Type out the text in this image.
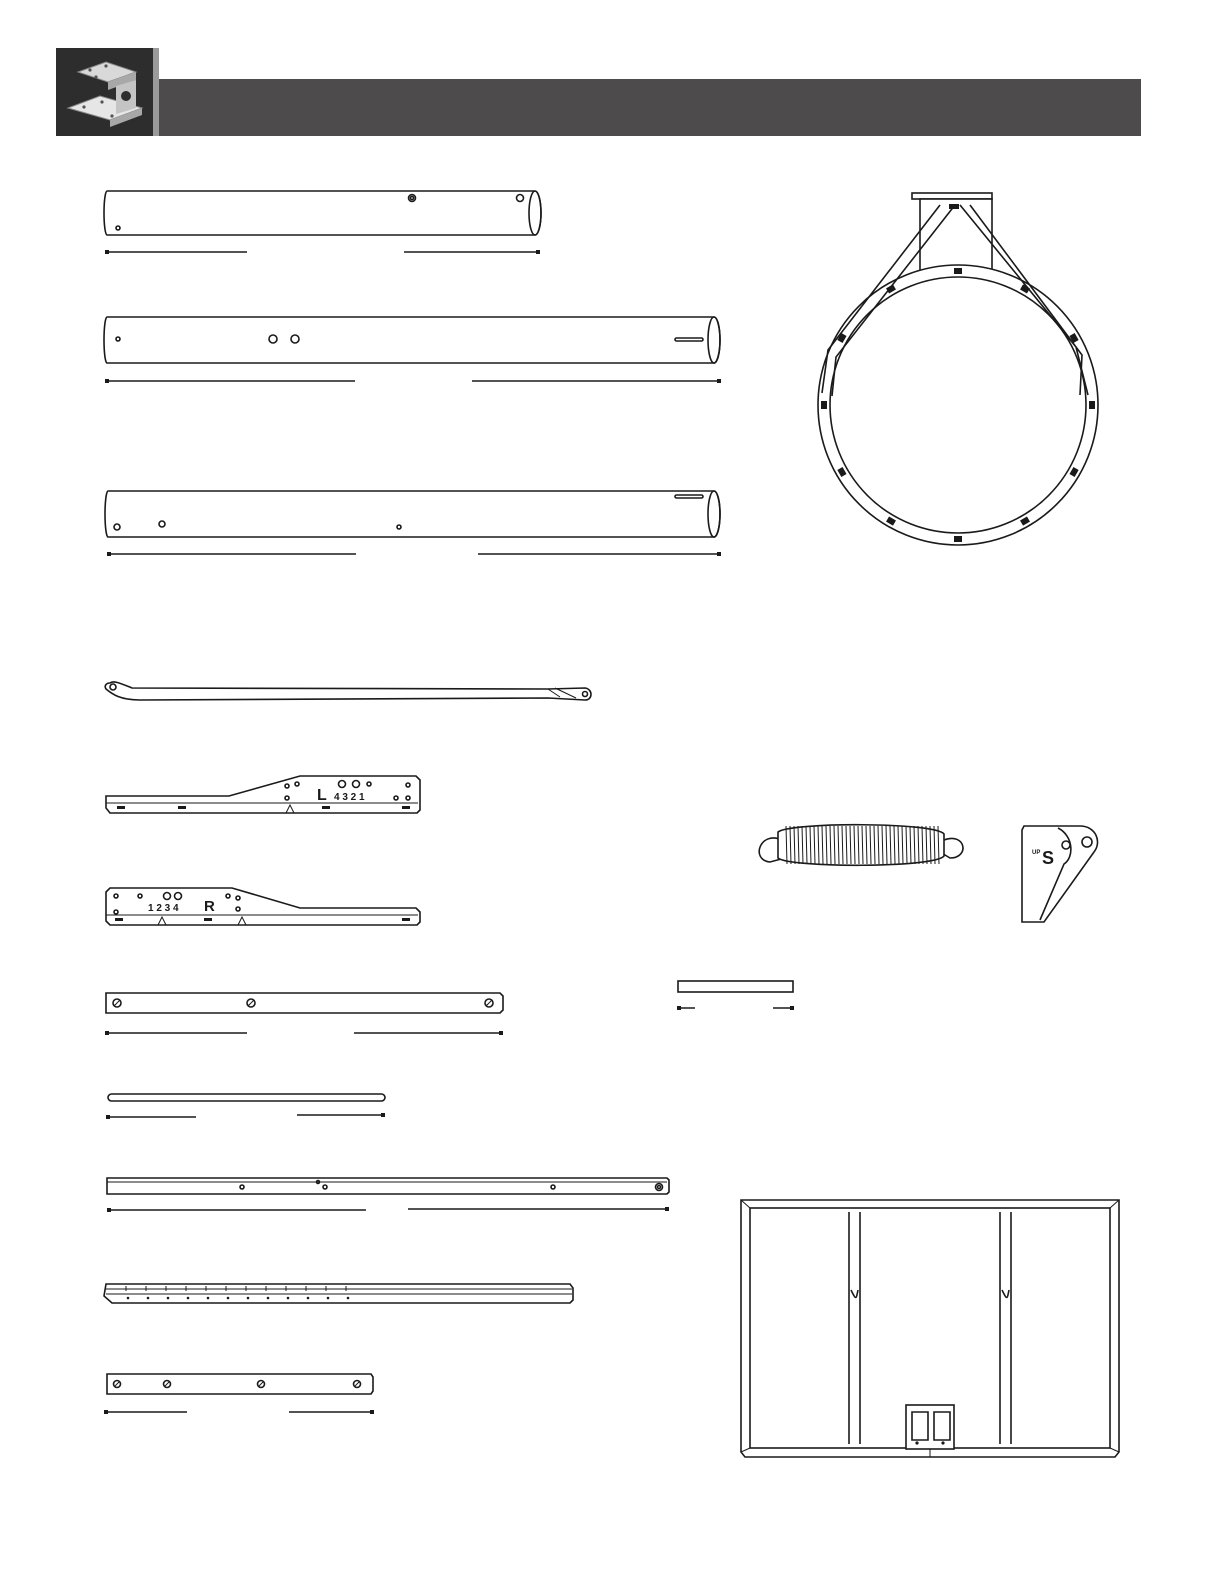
L 4 3 2 1
1 2 3 4 R
S
UP
